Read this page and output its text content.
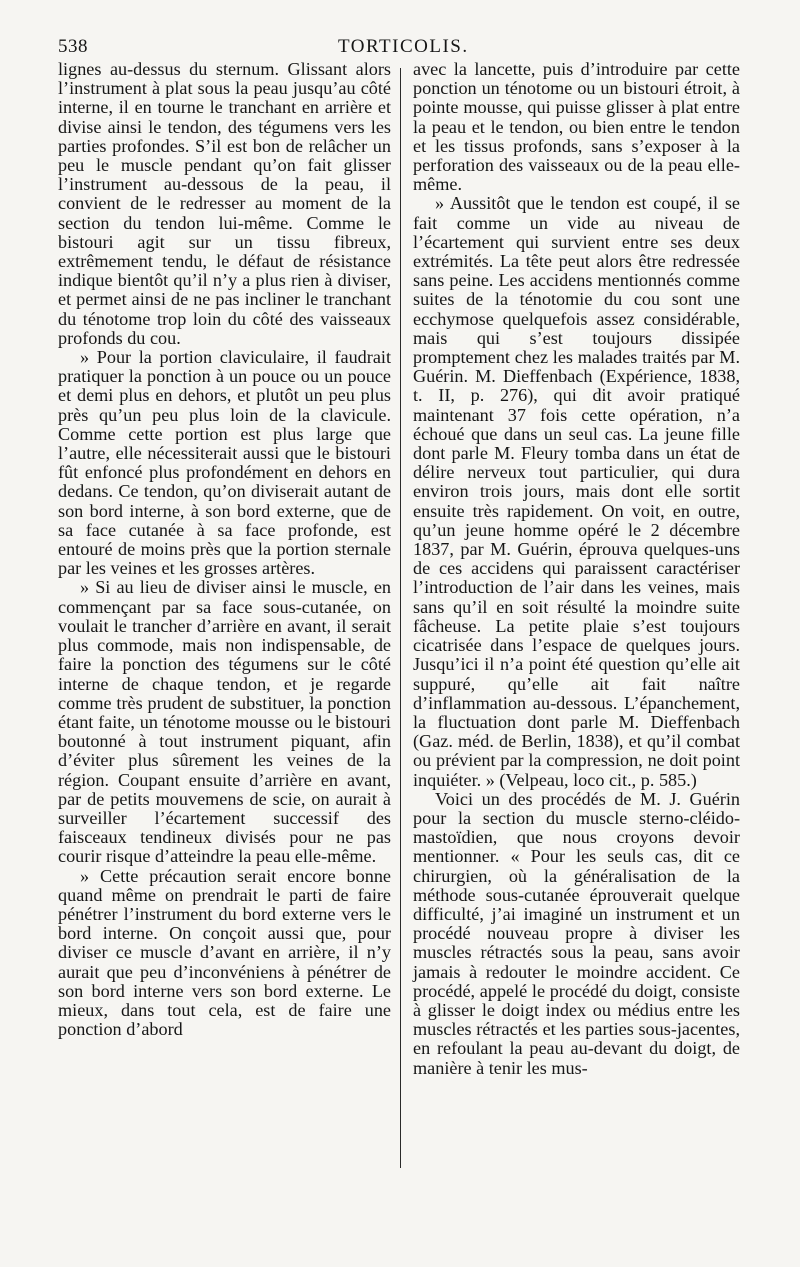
538	TORTICOLIS.

lignes au-dessus du sternum. Glissant alors l’instrument à plat sous la peau jusqu’au côté interne, il en tourne le tranchant en arrière et divise ainsi le tendon, des tégumens vers les parties profondes. S’il est bon de relâcher un peu le muscle pendant qu’on fait glisser l’instrument au-dessous de la peau, il convient de le redresser au moment de la section du tendon lui-même. Comme le bistouri agit sur un tissu fibreux, extrêmement tendu, le défaut de résistance indique bientôt qu’il n’y a plus rien à diviser, et permet ainsi de ne pas incliner le tranchant du ténotome trop loin du côté des vaisseaux profonds du cou.

» Pour la portion claviculaire, il faudrait pratiquer la ponction à un pouce ou un pouce et demi plus en dehors, et plutôt un peu plus près qu’un peu plus loin de la clavicule. Comme cette portion est plus large que l’autre, elle nécessiterait aussi que le bistouri fût enfoncé plus profondément en dehors en dedans. Ce tendon, qu’on diviserait autant de son bord interne, à son bord externe, que de sa face cutanée à sa face profonde, est entouré de moins près que la portion sternale par les veines et les grosses artères.

» Si au lieu de diviser ainsi le muscle, en commençant par sa face sous-cutanée, on voulait le trancher d’arrière en avant, il serait plus commode, mais non indispensable, de faire la ponction des tégumens sur le côté interne de chaque tendon, et je regarde comme très prudent de substituer, la ponction étant faite, un ténotome mousse ou le bistouri boutonné à tout instrument piquant, afin d’éviter plus sûrement les veines de la région. Coupant ensuite d’arrière en avant, par de petits mouvemens de scie, on aurait à surveiller l’écartement successif des faisceaux tendineux divisés pour ne pas courir risque d’atteindre la peau elle-même.

» Cette précaution serait encore bonne quand même on prendrait le parti de faire pénétrer l’instrument du bord externe vers le bord interne. On conçoit aussi que, pour diviser ce muscle d’avant en arrière, il n’y aurait que peu d’inconvéniens à pénétrer de son bord interne vers son bord externe. Le mieux, dans tout cela, est de faire une ponction d’abord

avec la lancette, puis d’introduire par cette ponction un ténotome ou un bistouri étroit, à pointe mousse, qui puisse glisser à plat entre la peau et le tendon, ou bien entre le tendon et les tissus profonds, sans s’exposer à la perforation des vaisseaux ou de la peau elle-même.

» Aussitôt que le tendon est coupé, il se fait comme un vide au niveau de l’écartement qui survient entre ses deux extrémités. La tête peut alors être redressée sans peine. Les accidens mentionnés comme suites de la ténotomie du cou sont une ecchymose quelquefois assez considérable, mais qui s’est toujours dissipée promptement chez les malades traités par M. Guérin. M. Dieffenbach (Expérience, 1838, t. II, p. 276), qui dit avoir pratiqué maintenant 37 fois cette opération, n’a échoué que dans un seul cas. La jeune fille dont parle M. Fleury tomba dans un état de délire nerveux tout particulier, qui dura environ trois jours, mais dont elle sortit ensuite très rapidement. On voit, en outre, qu’un jeune homme opéré le 2 décembre 1837, par M. Guérin, éprouva quelques-uns de ces accidens qui paraissent caractériser l’introduction de l’air dans les veines, mais sans qu’il en soit résulté la moindre suite fâcheuse. La petite plaie s’est toujours cicatrisée dans l’espace de quelques jours. Jusqu’ici il n’a point été question qu’elle ait suppuré, qu’elle ait fait naître d’inflammation au-dessous. L’épanchement, la fluctuation dont parle M. Dieffenbach (Gaz. méd. de Berlin, 1838), et qu’il combat ou prévient par la compression, ne doit point inquiéter. » (Velpeau, loco cit., p. 585.)

Voici un des procédés de M. J. Guérin pour la section du muscle sterno-cléido-mastoïdien, que nous croyons devoir mentionner. « Pour les seuls cas, dit ce chirurgien, où la généralisation de la méthode sous-cutanée éprouverait quelque difficulté, j’ai imaginé un instrument et un procédé nouveau propre à diviser les muscles rétractés sous la peau, sans avoir jamais à redouter le moindre accident. Ce procédé, appelé le procédé du doigt, consiste à glisser le doigt index ou médius entre les muscles rétractés et les parties sous-jacentes, en refoulant la peau au-devant du doigt, de manière à tenir les mus-
